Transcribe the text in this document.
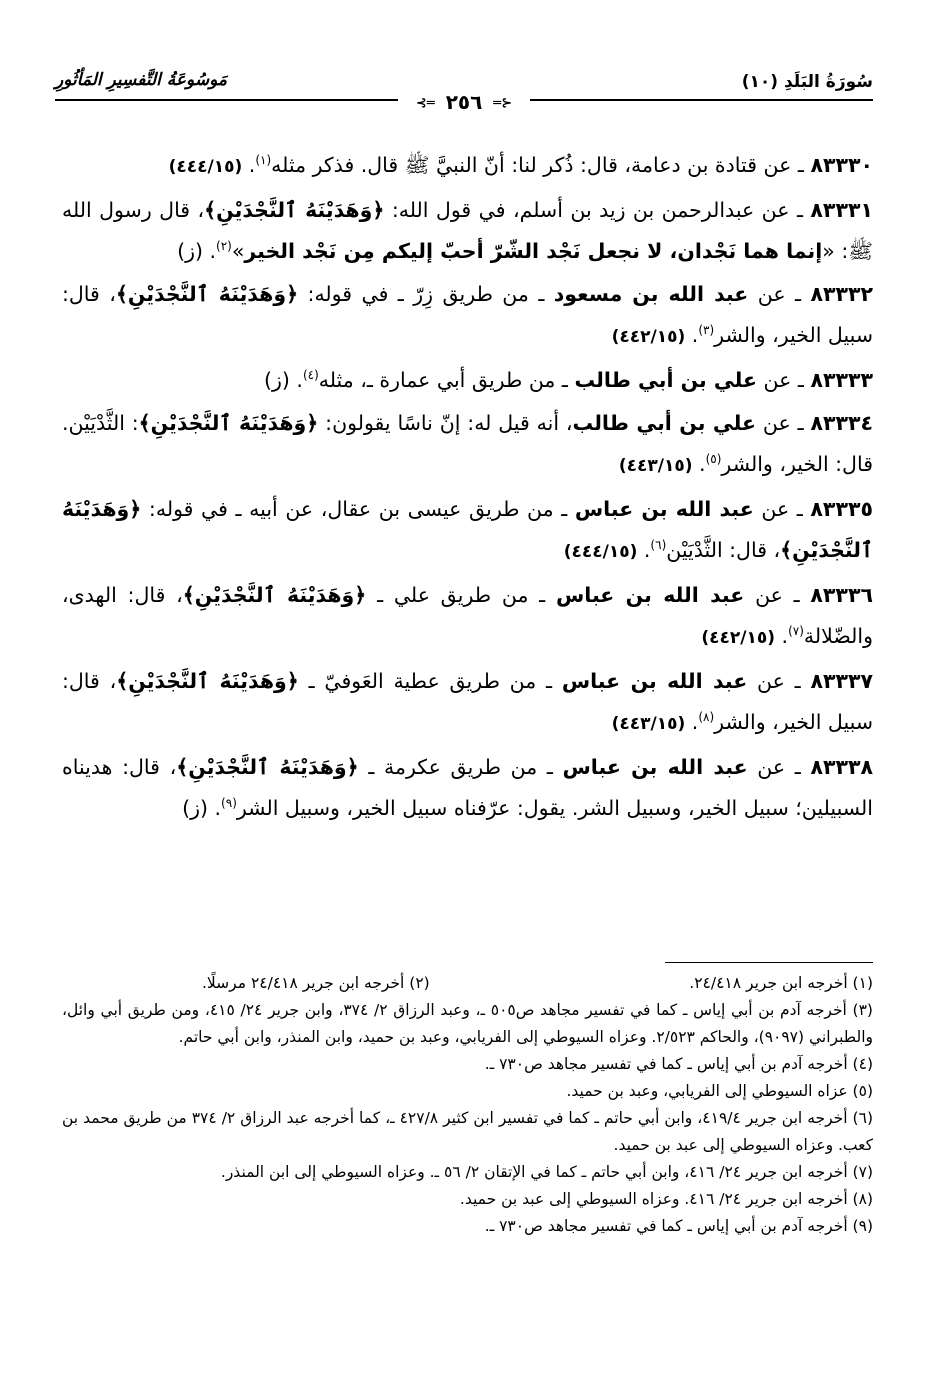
سُورَةُ البَلَدِ (١٠)
مَوسُوعَةُ التَّفسِيرِ المَأثُورِ
⊰═ ٢٥٦ ═⊱

٨٣٣٣٠ ـ عن قتادة بن دعامة، قال: ذُكر لنا: أنّ النبيَّ ﷺ قال. فذكر مثله$^{(١)}$. (٤٤٤/١٥)

٨٣٣٣١ ـ عن عبدالرحمن بن زيد بن أسلم، في قول الله: ﴿وَهَدَيْنَهُ ٱلنَّجْدَيْنِ﴾، قال رسول الله ﷺ: «إنما هما نَجْدان، لا نجعل نَجْد الشّرّ أحبّ إليكم مِن نَجْد الخير»$^{(٢)}$. (ز)

٨٣٣٣٢ ـ عن عبد الله بن مسعود ـ من طريق زِرّ ـ في قوله: ﴿وَهَدَيْنَهُ ٱلنَّجْدَيْنِ﴾، قال: سبيل الخير، والشر$^{(٣)}$. (٤٤٢/١٥)

٨٣٣٣٣ ـ عن علي بن أبي طالب ـ من طريق أبي عمارة ـ، مثله$^{(٤)}$. (ز)

٨٣٣٣٤ ـ عن علي بن أبي طالب، أنه قيل له: إنّ ناسًا يقولون: ﴿وَهَدَيْنَهُ ٱلنَّجْدَيْنِ﴾: الثَّدْيَيْن. قال: الخير، والشر$^{(٥)}$. (٤٤٣/١٥)

٨٣٣٣٥ ـ عن عبد الله بن عباس ـ من طريق عيسى بن عقال، عن أبيه ـ في قوله: ﴿وَهَدَيْنَهُ ٱلنَّجْدَيْنِ﴾، قال: الثَّدْيَيْن$^{(٦)}$. (٤٤٤/١٥)

٨٣٣٣٦ ـ عن عبد الله بن عباس ـ من طريق علي ـ ﴿وَهَدَيْنَهُ ٱلنَّجْدَيْنِ﴾، قال: الهدى، والضّلالة$^{(٧)}$. (٤٤٢/١٥)

٨٣٣٣٧ ـ عن عبد الله بن عباس ـ من طريق عطية العَوفيّ ـ ﴿وَهَدَيْنَهُ ٱلنَّجْدَيْنِ﴾، قال: سبيل الخير، والشر$^{(٨)}$. (٤٤٣/١٥)

٨٣٣٣٨ ـ عن عبد الله بن عباس ـ من طريق عكرمة ـ ﴿وَهَدَيْنَهُ ٱلنَّجْدَيْنِ﴾، قال: هديناه السبيلين؛ سبيل الخير، وسبيل الشر. يقول: عرّفناه سبيل الخير، وسبيل الشر$^{(٩)}$. (ز)

(١) أخرجه ابن جرير ٢٤/٤١٨.
(٢) أخرجه ابن جرير ٢٤/٤١٨ مرسلًا.

(٣) أخرجه آدم بن أبي إياس ـ كما في تفسير مجاهد ص٥٠٥ ـ، وعبد الرزاق ٢/ ٣٧٤، وابن جرير ٢٤/ ٤١٥، ومن طريق أبي وائل، والطبراني (٩٠٩٧)، والحاكم ٢/٥٢٣. وعزاه السيوطي إلى الفريابي، وعبد بن حميد، وابن المنذر، وابن أبي حاتم.

(٤) أخرجه آدم بن أبي إياس ـ كما في تفسير مجاهد ص٧٣٠ ـ.

(٥) عزاه السيوطي إلى الفريابي، وعبد بن حميد.

(٦) أخرجه ابن جرير ٤١٩/٤، وابن أبي حاتم ـ كما في تفسير ابن كثير ٤٢٧/٨ ـ، كما أخرجه عبد الرزاق ٢/ ٣٧٤ من طريق محمد بن كعب. وعزاه السيوطي إلى عبد بن حميد.

(٧) أخرجه ابن جرير ٢٤/ ٤١٦، وابن أبي حاتم ـ كما في الإتقان ٢/ ٥٦ ـ. وعزاه السيوطي إلى ابن المنذر.

(٨) أخرجه ابن جرير ٢٤/ ٤١٦. وعزاه السيوطي إلى عبد بن حميد.

(٩) أخرجه آدم بن أبي إياس ـ كما في تفسير مجاهد ص٧٣٠ ـ.
